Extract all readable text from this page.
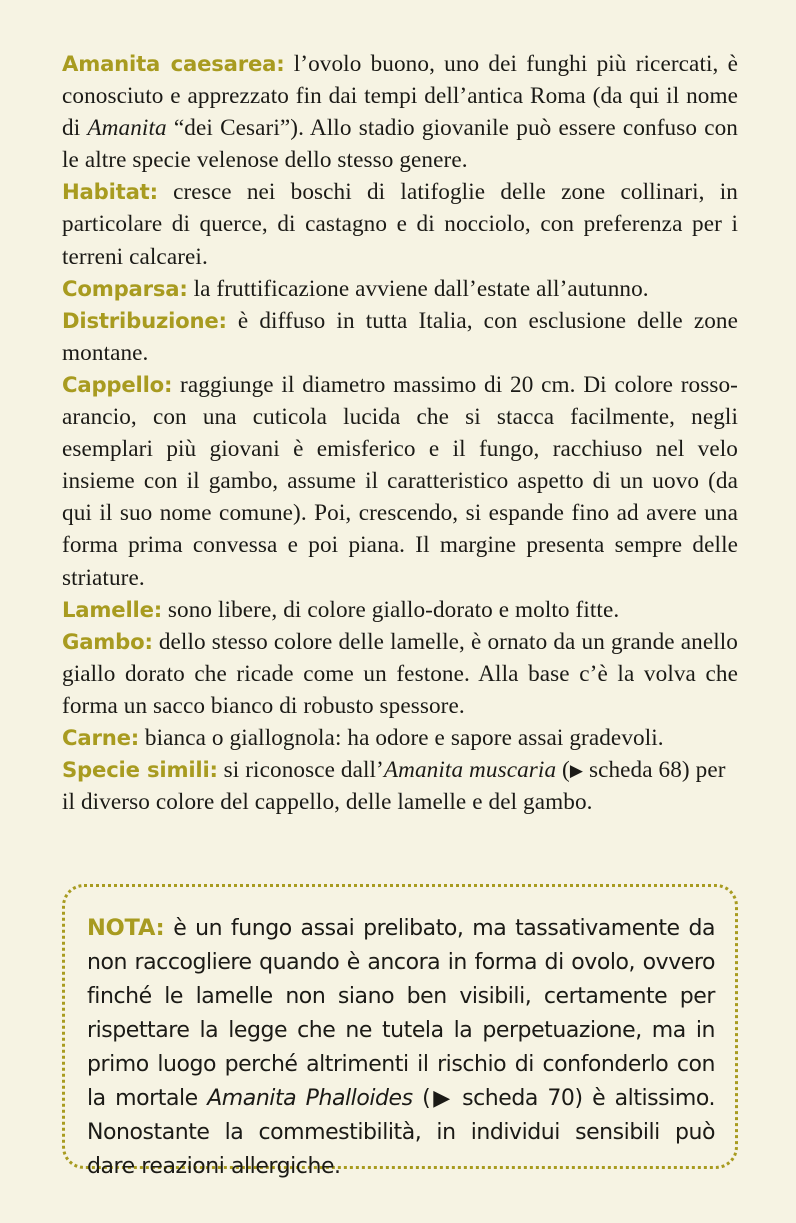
Amanita caesarea: l’ovolo buono, uno dei funghi più ricercati, è conosciuto e apprezzato fin dai tempi dell’antica Roma (da qui il nome di Amanita “dei Cesari”). Allo stadio giovanile può essere confuso con le altre specie velenose dello stesso genere.

Habitat: cresce nei boschi di latifoglie delle zone collinari, in particolare di querce, di castagno e di nocciolo, con preferenza per i terreni calcarei.

Comparsa: la fruttificazione avviene dall’estate all’autunno.

Distribuzione: è diffuso in tutta Italia, con esclusione delle zone montane.

Cappello: raggiunge il diametro massimo di 20 cm. Di colore rosso-arancio, con una cuticola lucida che si stacca facilmente, negli esemplari più giovani è emisferico e il fungo, racchiuso nel velo insieme con il gambo, assume il caratteristico aspetto di un uovo (da qui il suo nome comune). Poi, crescendo, si espande fino ad avere una forma prima convessa e poi piana. Il margine presenta sempre delle striature.

Lamelle: sono libere, di colore giallo-dorato e molto fitte.

Gambo: dello stesso colore delle lamelle, è ornato da un grande anello giallo dorato che ricade come un festone. Alla base c’è la volva che forma un sacco bianco di robusto spessore.

Carne: bianca o giallognola: ha odore e sapore assai gradevoli.

Specie simili: si riconosce dall’Amanita muscaria (▶ scheda 68) per il diverso colore del cappello, delle lamelle e del gambo.

NOTA: è un fungo assai prelibato, ma tassativamente da non raccogliere quando è ancora in forma di ovolo, ovvero finché le lamelle non siano ben visibili, certamente per rispettare la legge che ne tutela la perpetuazione, ma in primo luogo perché altrimenti il rischio di confonderlo con la mortale Amanita Phalloides (▶ scheda 70) è altissimo. Nonostante la commestibilità, in individui sensibili può dare reazioni allergiche.
